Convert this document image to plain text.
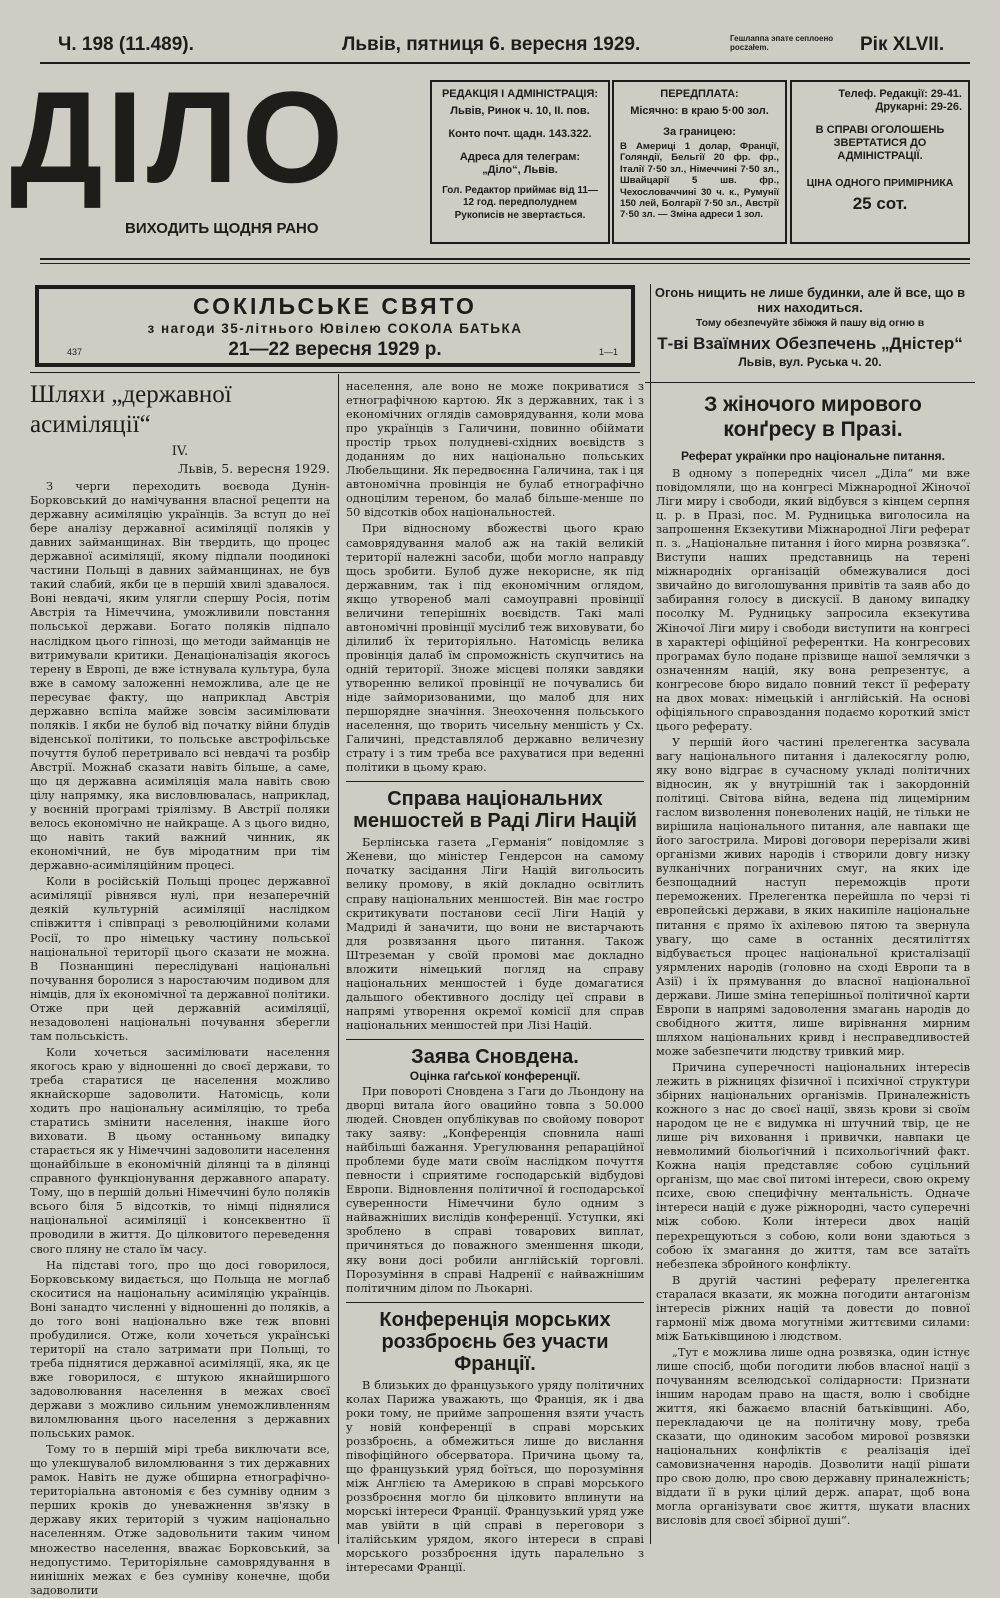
Ч. 198 (11.489).	Львів, пятниця 6. вересня 1929.	Гешлаппа эпате сеплоено poczałem.	Рік XLVII.
ДІЛО
ВИХОДИТЬ ЩОДНЯ РАНО
РЕДАКЦІЯ І АДМІНІСТРАЦІЯ:
Львів, Ринок ч. 10, II. пов.
Конто почт. щадн. 143.322.
Адреса для телеграм: „Діло“, Львів.
Гол. Редактор приймає від 11—12 год. передполуднем
Рукописів не звертається.
ПЕРЕДПЛАТА:
Місячно: в краю 5·00 зол.
За границею:
В Америці 1 долар, Франції, Голяндії, Бельгії 20 фр. фр., Італії 7·50 зл., Німеччині 7·50 зл., Швайцарії 5 шв. фр., Чехословаччині 30 ч. к., Румунії 150 лей, Болгарії 7·50 зл., Австрії 7·50 зл. — Зміна адреси 1 зол.
Телеф. Редакції: 29-41.
Друкарні: 29-26.
В СПРАВІ ОГОЛОШЕНЬ ЗВЕРТАТИСЯ ДО АДМІНІСТРАЦІЇ.
ЦІНА ОДНОГО ПРИМІРНИКА
25 сот.
СОКІЛЬСЬКЕ СВЯТО
з нагоди 35-літнього Ювілею СОКОЛА БАТЬКА
21—22 вересня 1929 р.
437	1—1
Огонь нищить не лише будинки, але й все, що в них находиться.
Тому обезпечуйте збіжжя й пашу від огню в
Т-ві Взаїмних Обезпечень „Дністер“
Львів, вул. Руська ч. 20.
Шляхи „державної асиміляції“
IV.
Львів, 5. вересня 1929.

З черги переходить воєвода Дунін-Борковський до намічування власної рецепти на державну асиміляцію українців. За вступ до неї бере аналізу державної асиміляції поляків у давних займанщинах. Він твердить, що процес державної асиміляції, якому підпали поодинокі частини Польщі в давних займанщинах, не був такий слабий, якби це в першій хвилі здавалося. Воні невдачі, яким улягли спершу Росія, потім Австрія та Німеччина, уможливили повстання польської держави. Богато поляків підпало наслідком цього гіпнозі, що методи займанців не витримували критики. Денаціоналізація якогось терену в Европі, де вже істнувала культура, була вже в самому заложенні неможлива, але це не пересуває факту, що наприклад Австрія державно вспіла майже зовсім засимілювати поляків. І якби не булоб від початку війни блудів віденської політики, то польське австрофільське почуття булоб перетривало всі невдачі та розбір Австрії. Можнаб сказати навіть більше, а саме, що ця державна асиміляція мала навіть свою цілу напрямку, яка висловлювалась, наприклад, у воєнній програмі тріялізму. В Австрії поляки велось економічно не найкраще. А з цього видно, що навіть такий важний чинник, як економічний, не був міродатним при тім державно-асиміляційним процесі.

Коли в російській Польщі процес державної асиміляції рівнявся нулі, при незаперечній деякій культурній асиміляції наслідком співжиття і співпраці з революційними колами Росії, то про німецьку частину польської національної території цього сказати не можна. В Познанщині переслідувані національні почування боролися з наростаючим подивом для німців, для їх економічної та державної політики. Отже при цей державній асиміляції, незадоволені національні почування зберегли там польськість.

Коли хочеться засимілювати населення якогось краю у відношенні до своєї держави, то треба старатися це населення можливо якнайскорше задоволити. Натомісць, коли ходить про національну асиміляцію, то треба старатись змінити населення, інакше його виховати. В цьому останньому випадку старається як у Німеччині задоволити населення щонайбільше в економічній ділянці та в ділянці справного функціонування державного апарату. Тому, що в першій дольні Німеччині було поляків всього біля 5 відсотків, то німці піднялися національної асиміляції і консеквентно її проводили в життя. До цілковитого переведення свого пляну не стало їм часу.

На підставі того, про що досі говорилося, Борковському видається, що Польща не моглаб скоситися на національну асиміляцію українців. Воні занадто численні у відношенні до поляків, а до того воні національно вже теж вповні пробудилися. Отже, коли хочеться українські території на стало затримати при Польщі, то треба піднятися державної асиміляції, яка, як це вже говорилося, є штукою якнайширшого задоволювання населення в межах своєї держави з можливо сильним унеможливленням виломлювання цього населення з державних польських рамок.

Тому то в першій мірі треба виключати все, що улекшувалоб виломлювання з тих державних рамок. Навіть не дуже обширна етнографічно-територіальна автономія є без сумніву одним з перших кроків до уневажнення зв'язку в державу яких територій з чужим національно населенням. Отже задовольнити таким чином множество населення, вважає Борковський, за недопустимо. Територіяльне самоврядування в нинішніх межах є без сумніву конечне, щоби задоволити

населення, але воно не може покриватися з етнографічною картою. Як з державних, так і з економічних оглядів самоврядування, коли мова про українців з Галичини, повинно обіймати простір трьох полудневі-східних воєвідств з доданням до них національно польських Любельщини. Як передвоєнна Галичина, так і ця автономічна провінція не булаб етнографічно одноцілим тереном, бо малаб більше-менше по 50 відсотків обох національностей.

При відносному вбожестві цього краю самоврядування малоб аж на такій великій території належні засоби, щоби могло направду щось зробити. Булоб дуже некорисне, як під державним, так і під економічним оглядом, якщо утвореноб малі самоуправні провінції величини теперішніх воєвідств. Такі малі автономічні провінції мусілиб теж виховувати, бо ділилиб їх територіяльно. Натомісць велика провінція далаб їм спроможність скупчитись на одній території. Зноже місцеві поляки завдяки утворенню великої провінції не почувались би ніде займоризованими, що малоб для них першорядне значіння. Знеохочення польського населення, що творить чисельну меншість у Сх. Галичині, представлялоб державно величезну страту і з тим треба все рахуватися при веденні політики в цьому краю.

Справа національних меншостей в Раді Ліги Націй

Берлінська газета „Германія“ повідомляє з Женеви, що міністер Гендерсон на самому початку засідання Ліги Націй вигольосить велику промову, в якій докладно освітлить справу національних меншостей. Він має гостро скритикувати постанови сесії Ліги Націй у Мадриді й заначити, що вони не вистарчають для розвязання цього питання. Також Штреземан у своїй промові має докладно вложити німецький погляд на справу національних меншостей і буде домагатися дальшого обективного досліду цеї справи в напрямі утворення окремої комісії для справ національних меншостей при Лізі Націй.

Заява Сновдена.
Оцінка гаґської конференції.

При повороті Сновдена з Гаги до Льондону на дворці витала його овацийно товпа з 50.000 людей. Сновден опублікував по свойому поворот таку заяву: „Конференція сповнила наші найбільші бажання. Урегулювання репараційної проблеми буде мати своїм наслідком почуття певности і сприятиме господарській відбудові Европи. Відновлення політичної й господарської суверенности Німеччини було одним з найважніших вислідів конференції. Уступки, які зроблено в справі товарових виплат, причиняться до поважного зменшення шкоди, яку вони досі робили англійській торговлі. Порозуміння в справі Надренії є найважнішим політичним ділом по Льокарні.

Конференція морських роззброєнь без участи Франції.

В близьких до французького уряду політичних колах Парижа уважають, що Франція, як і два роки тому, не прийме запрошення взяти участь у новій конференції в справі морських роззброєнь, а обмежиться лише до вислання півофіційного обсерватора. Причина цьому та, що французький уряд боїться, що порозуміння між Англією та Америкою в справі морського роззброєння могло би цілковито вплинути на морські інтереси Франції. Французький уряд уже мав увійти в цій справі в переговори з італійським урядом, якого інтереси в справі морського роззброєння ідуть паралельно з інтересами Франції.

З жіночого мирового конґресу в Празі.
Реферат українки про національне питання.

В одному з попередніх чисел „Діла“ ми вже повідомляли, що на конгресі Міжнародної Жіночої Ліги миру і свободи, який відбувся з кінцем серпня ц. р. в Празі, пос. М. Рудницька виголосила на запрошення Екзекутиви Міжнародної Ліги реферат п. з. „Національне питання і його мирна розвязка“. Виступи наших представниць на терені міжнародніх організацій обмежувалися досі звичайно до виголошування привітів та заяв або до забирання голосу в дискусії. В даному випадку посолку М. Рудницьку запросила екзекутива Жіночої Ліги миру і свободи виступити на конгресі в характері офіційної референтки. На конгресових програмах було подане прізвище нашої землячки з означенням націй, яку вона репрезентує, а конгресове бюро видало повний текст її реферату на двох мовах: німецькій і англійській. На основі офіціяльного справоздання подаємо короткий зміст цього реферату.

У першій його частині прелегентка засувала вагу національного питання і далекосяглу ролю, яку воно відграє в сучасному укладі політичних відносин, як у внутрішній так і закордонній політиці. Світова війна, ведена під лицемірним гаслом визволення поневолених націй, не тільки не вирішила національного питання, але навпаки ще його загострила. Мирові договори перерізали живі організми живих народів і створили довгу низку вулканічних пограничних смуг, на яких іде безпощадний наступ переможців проти переможених. Прелегентка перейшла по черзі ті европейські держави, в яких накипіле національне питання є прямо їх ахілевою пятою та звернула увагу, що саме в останніх десятиліттях відбувається процес національної кристалізації уярмлених народів (головно на сході Европи та в Азії) і їх прямування до власної національної держави. Лише зміна теперішньої політичної карти Европи в напрямі задоволення змагань народів до свобідного життя, лише вирівнання мирним шляхом національних кривд і несправедливостей може забезпечити людству тривкий мир.

Причина суперечності національних інтересів лежить в ріжницях фізичної і психічної структури збірних національних організмів. Приналежність кожного з нас до своєї нації, звязь крови зі своїм народом це не є видумка ні штучний твір, це не лише річ виховання і привички, навпаки це невмолимий біольоґічний і психольоґічний факт. Кожна нація представляє собою суцільний організм, що має свої питомі інтереси, свою окрему психе, свою специфічну ментальність. Одначе інтереси націй є дуже ріжнородні, часто суперечні між собою. Коли інтереси двох націй перехрещуються з собою, коли вони здаються з собою їх змагання до життя, там все затаїть небезпека збройного конфлікту.

В другій частині реферату прелегентка старалася вказати, як можна погодити антагонізм інтересів ріжних націй та довести до повної гармонії між двома могутніми життєвими силами: між Батьківщиною і людством.

„Тут є можлива лише одна розвязка, один істнує лише спосіб, щоби погодити любов власної нації з почуванням вселюдської солідарности: Признати іншим народам право на щастя, волю і свобідне життя, які бажаємо власній батьківщині. Або, перекладаючи це на політичну мову, треба сказати, що одиноким засобом мирової розвязки національних конфліктів є реалізація ідеї самовизначення народів. Дозволити нації рішати про свою долю, про свою державну приналежність; віддати її в руки цілий держ. апарат, щоб вона могла організувати своє життя, шукати власних висловів для своєї збірної душі“.
